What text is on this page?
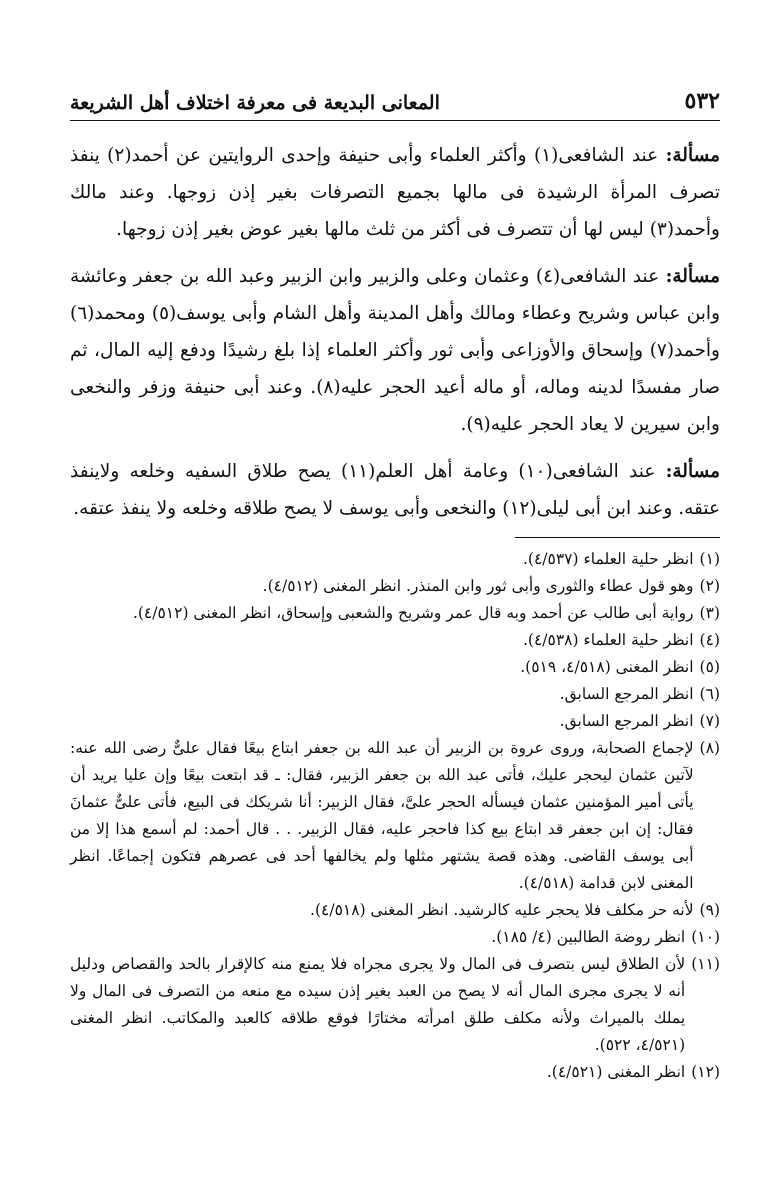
٥٣٢
المعانى البديعة فى معرفة اختلاف أهل الشريعة

مسألة: عند الشافعى(١) وأكثر العلماء وأبى حنيفة وإحدى الروايتين عن أحمد(٢) ينفذ تصرف المرأة الرشيدة فى مالها بجميع التصرفات بغير إذن زوجها. وعند مالك وأحمد(٣) ليس لها أن تتصرف فى أكثر من ثلث مالها بغير عوض بغير إذن زوجها.

مسألة: عند الشافعى(٤) وعثمان وعلى والزبير وابن الزبير وعبد الله بن جعفر وعائشة وابن عباس وشريح وعطاء ومالك وأهل المدينة وأهل الشام وأبى يوسف(٥) ومحمد(٦) وأحمد(٧) وإسحاق والأوزاعى وأبى ثور وأكثر العلماء إذا بلغ رشيدًا ودفع إليه المال، ثم صار مفسدًا لدينه وماله، أو ماله أعيد الحجر عليه(٨). وعند أبى حنيفة وزفر والنخعى وابن سيرين لا يعاد الحجر عليه(٩).

مسألة: عند الشافعى(١٠) وعامة أهل العلم(١١) يصح طلاق السفيه وخلعه ولاينفذ عتقه. وعند ابن أبى ليلى(١٢) والنخعى وأبى يوسف لا يصح طلاقه وخلعه ولا ينفذ عتقه.

(١)
انظر حلية العلماء (٤/٥٣٧).
(٢)
وهو قول عطاء والثورى وأبى ثور وابن المنذر. انظر المغنى (٤/٥١٢).
(٣)
رواية أبى طالب عن أحمد وبه قال عمر وشريح والشعبى وإسحاق، انظر المغنى (٤/٥١٢).
(٤)
انظر حلية العلماء (٤/٥٣٨).
(٥)
انظر المغنى (٤/٥١٨، ٥١٩).
(٦)
انظر المرجع السابق.
(٧)
انظر المرجع السابق.
(٨)
لإجماع الصحابة، وروى عروة بن الزبير أن عبد الله بن جعفر ابتاع بيعًا فقال علىٌّ رضى الله عنه: لآتين عثمان ليحجر عليك، فأتى عبد الله بن جعفر الزبير، فقال: ـ قد ابتعت بيعًا وإن عليا يريد أن يأتى أمير المؤمنين عثمان فيسأله الحجر علىَّ، فقال الزبير: أنا شريكك فى البيع، فأتى علىٌّ عثمانَ فقال: إن ابن جعفر قد ابتاع بيع كذا فاحجر عليه، فقال الزبير. . . قال أحمد: لم أسمع هذا إلا من أبى يوسف القاضى. وهذه قصة يشتهر مثلها ولم يخالفها أحد فى عصرهم فتكون إجماعًا. انظر المغنى لابن قدامة (٤/٥١٨).
(٩)
لأنه حر مكلف فلا يحجر عليه كالرشيد. انظر المغنى (٤/٥١٨).
(١٠)
انظر روضة الطالبين (٤/ ١٨٥).
(١١)
لأن الطلاق ليس بتصرف فى المال ولا يجرى مجراه فلا يمنع منه كالإقرار بالحد والقصاص ودليل أنه لا يجرى مجرى المال أنه لا يصح من العبد بغير إذن سيده مع منعه من التصرف فى المال ولا يملك بالميراث ولأنه مكلف طلق امرأته مختارًا فوقع طلاقه كالعبد والمكاتب. انظر المغنى (٤/٥٢١، ٥٢٢).
(١٢)
انظر المغنى (٤/٥٢١).
